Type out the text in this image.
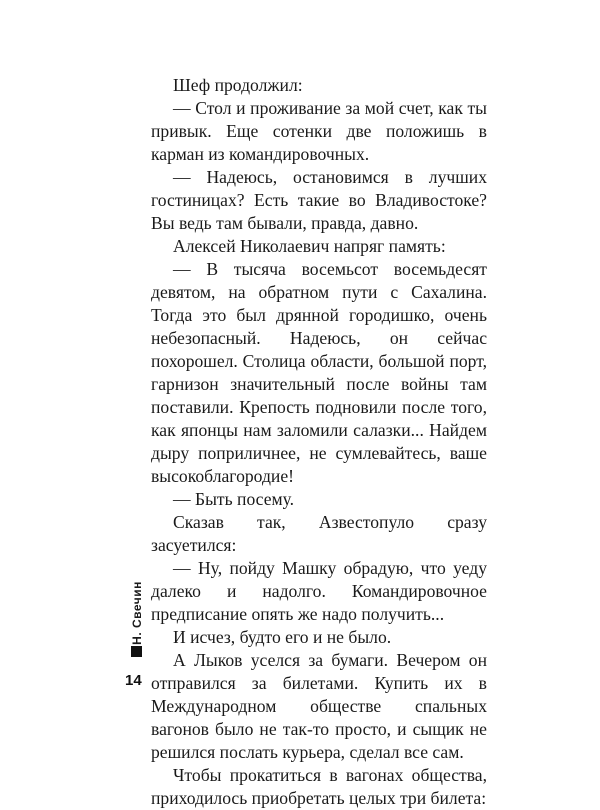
Шеф продолжил:

— Стол и проживание за мой счет, как ты привык. Еще сотенки две положишь в карман из командировочных.

— Надеюсь, остановимся в лучших гостиницах? Есть такие во Владивостоке? Вы ведь там бывали, правда, давно.

Алексей Николаевич напряг память:

— В тысяча восемьсот восемьдесят девятом, на обратном пути с Сахалина. Тогда это был дрянной городишко, очень небезопасный. Надеюсь, он сейчас похорошел. Столица области, большой порт, гарнизон значительный после войны там поставили. Крепость подновили после того, как японцы нам заломили салазки... Найдем дыру поприличнее, не сумлевайтесь, ваше высокоблагородие!

— Быть посему.

Сказав так, Азвестопуло сразу засуетился:

— Ну, пойду Машку обрадую, что уеду далеко и надолго. Командировочное предписание опять же надо получить...

И исчез, будто его и не было.

А Лыков уселся за бумаги. Вечером он отправился за билетами. Купить их в Международном обществе спальных вагонов было не так-то просто, и сыщик не решился послать курьера, сделал все сам.

Чтобы прокатиться в вагонах общества, приходилось приобретать целых три билета:

Н. Свечин
14
